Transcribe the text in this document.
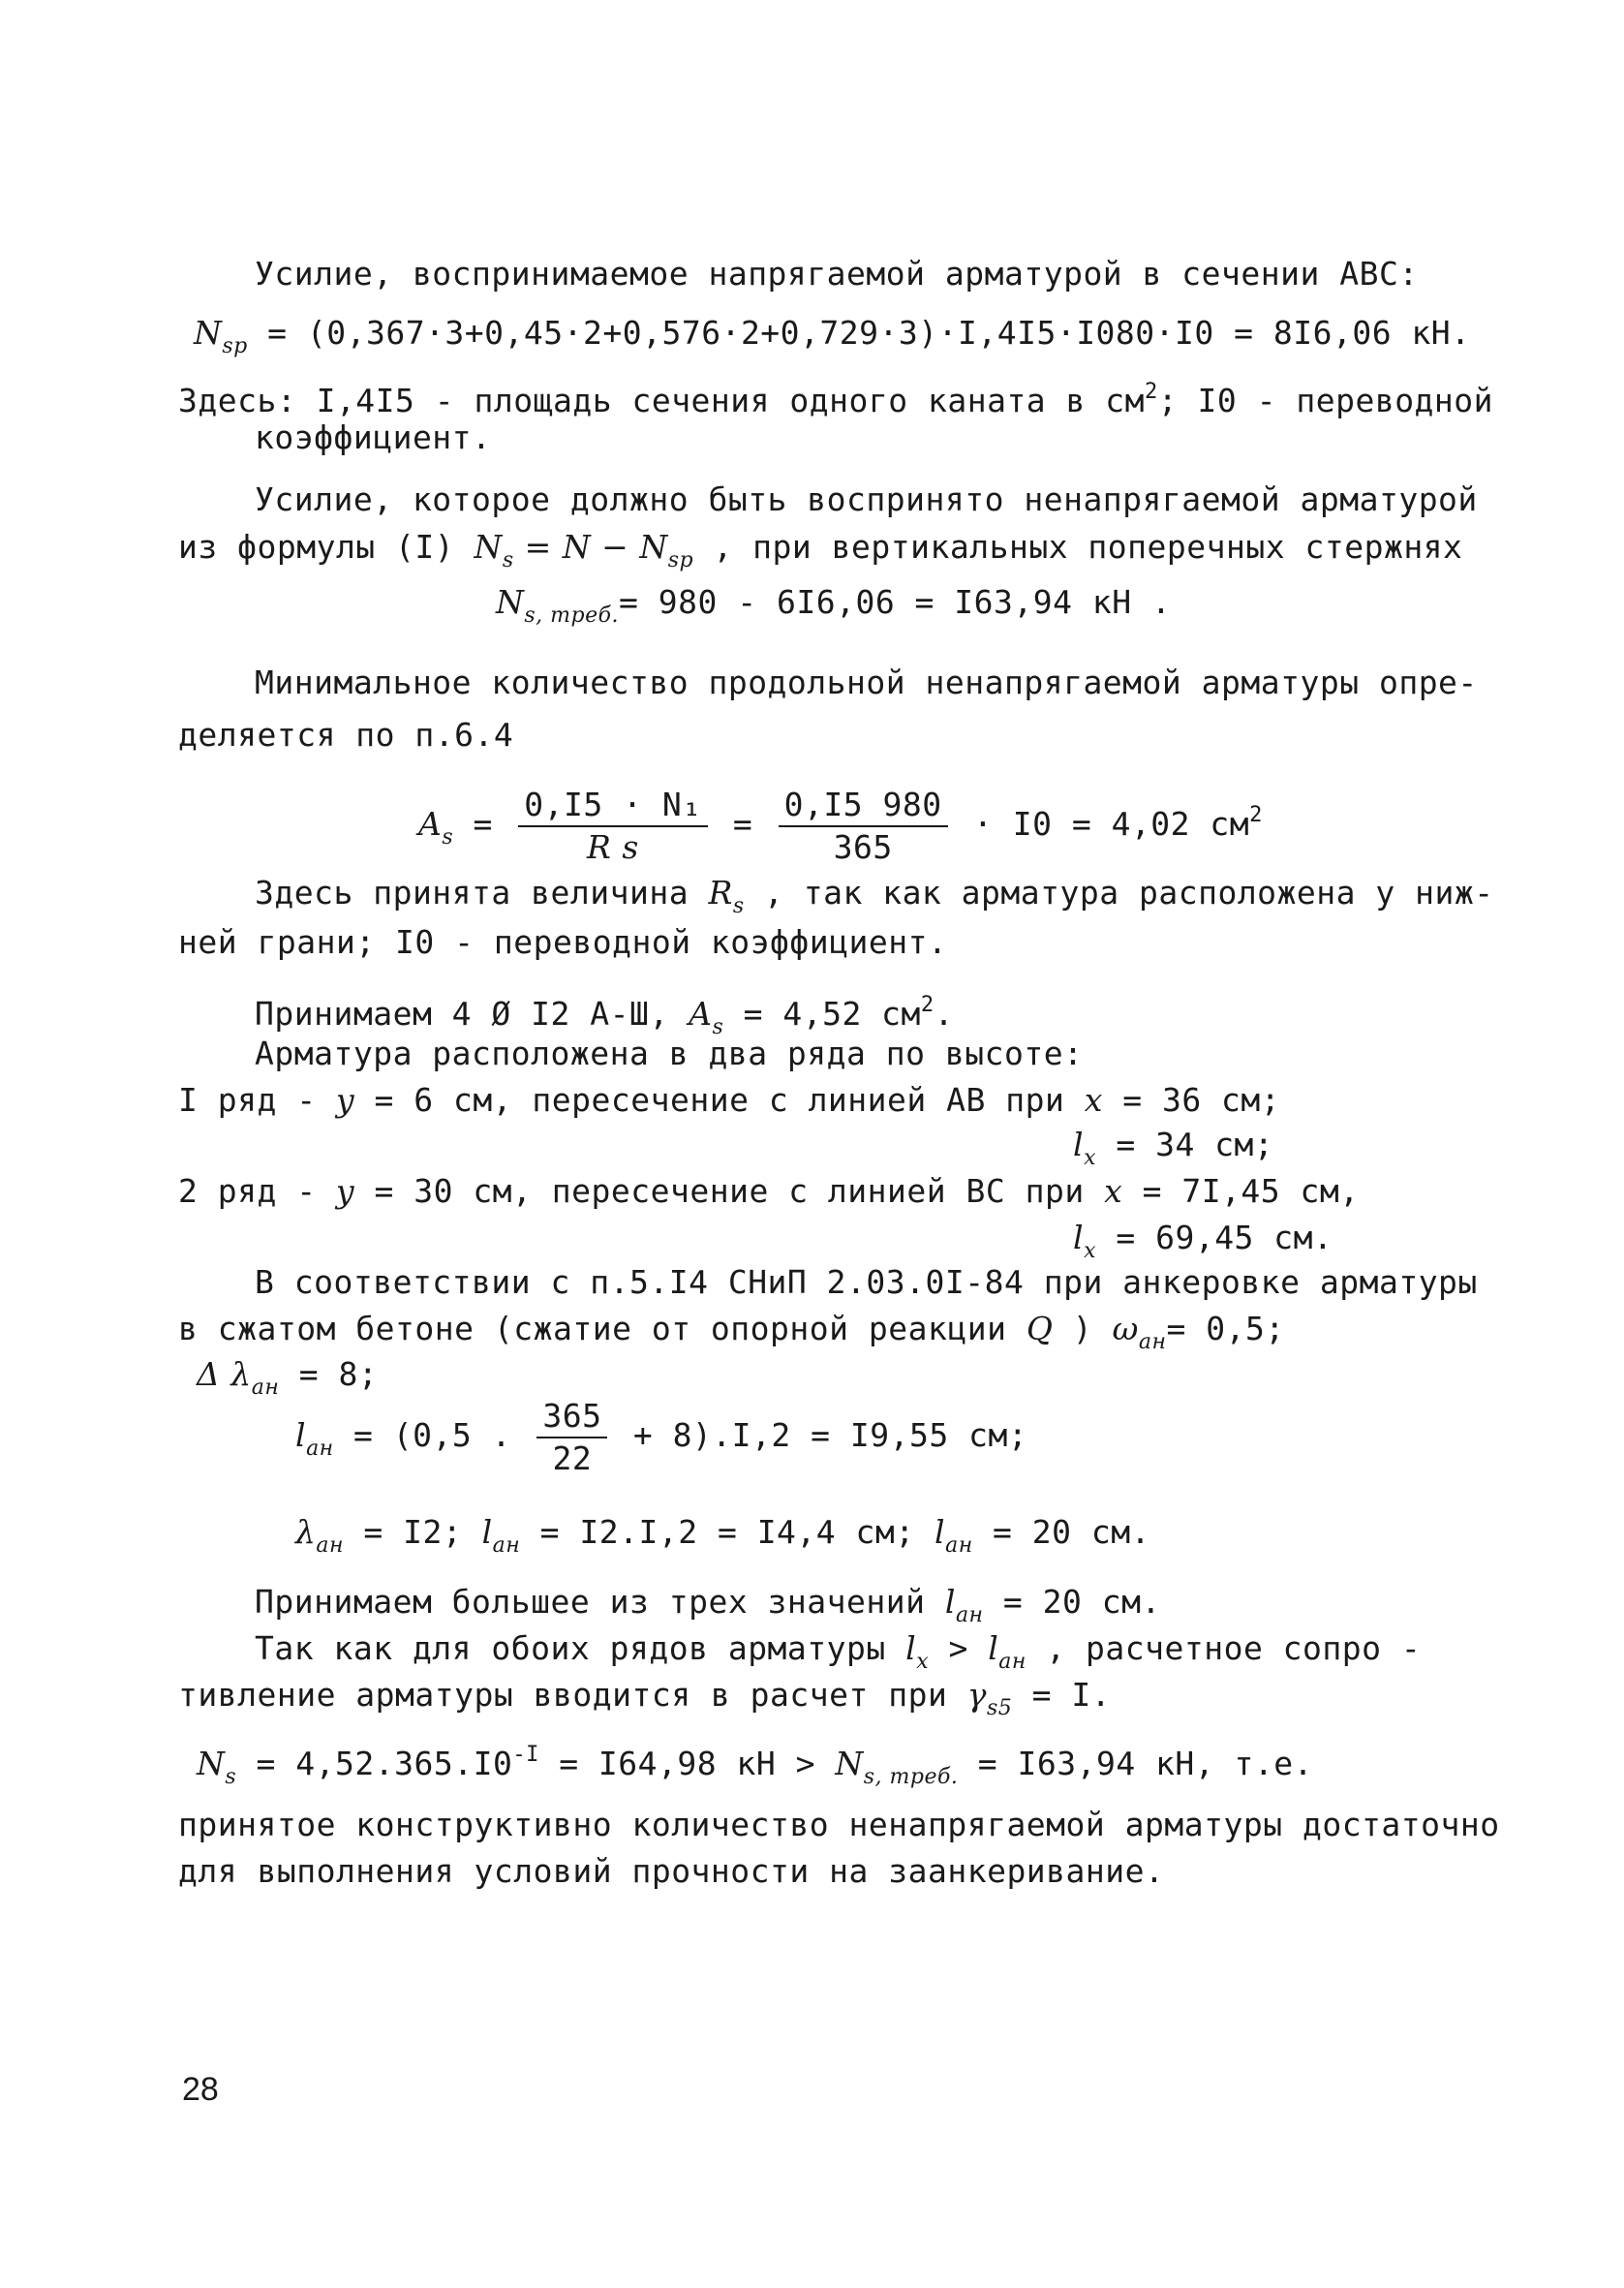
Усилие, воспринимаемое напрягаемой арматурой в сечении АВС:
$N_{sp} = (0,367\cdot 3+0,45\cdot 2+0,576\cdot 2+0,729\cdot 3)\cdot I,4I5\cdot I080\cdot I0 = 8I6,06$ кН.
Здесь: I,4I5 - площадь сечения одного каната в $см^2$; I0 - переводной
коэффициент.
Усилие, которое должно быть воспринято ненапрягаемой арматурой
из формулы (I) $N_s = N - N_{sp}$ , при вертикальных поперечных стержнях
$N_{s, треб.}= 980 - 6I6,06 = I63,94$ кН .
Минимальное количество продольной ненапрягаемой арматуры опре-
деляется по п.6.4
$A_s = \frac{\text{0,I5 · N₁}}{\text{R s}} = \frac{0,I5 980}{365} \cdot I0 = 4,02$ $см^2$
Здесь принята величина $R_s$ , так как арматура расположена у ниж-
ней грани; I0 - переводной коэффициент.
Принимаем 4 Ø I2 А-Ш, $A_s = 4,52$ $см^2$.
Арматура расположена в два ряда по высоте:
I ряд - y = 6 см, пересечение с линией АВ при x = 36 см;
$l_x = 34$ см;
2 ряд - y = 30 см, пересечение с линией ВС при x = 7I,45 см,
$l_x = 69,45$ см.
В соответствии с п.5.I4 СНиП 2.03.0I-84 при анкеровке арматуры
в сжатом бетоне (сжатие от опорной реакции Q ) $\omega_{ан}= 0,5$;
Δ $\lambda_{ан} = 8$;
$l_{ан} = (0,5$ . $\frac{365}{22} + 8).I,2 = I9,55$ см;
$\lambda_{ан} = I2$; $l_{ан} = I2.I,2 = I4,4$ см; $l_{ан} = 20$ см.
Принимаем большее из трех значений $l_{ан} = 20$ см.
Так как для обоих рядов арматуры $l_x > l_{ан}$ , расчетное сопро -
тивление арматуры вводится в расчет при $\gamma_{s5} = I$.
$N_s = 4,52.365.I0^{-I} = I64,98$ кН > $N_{s, треб.} = I63,94$ кН, т.е.
принятое конструктивно количество ненапрягаемой арматуры достаточно
для выполнения условий прочности на заанкеривание.
28
